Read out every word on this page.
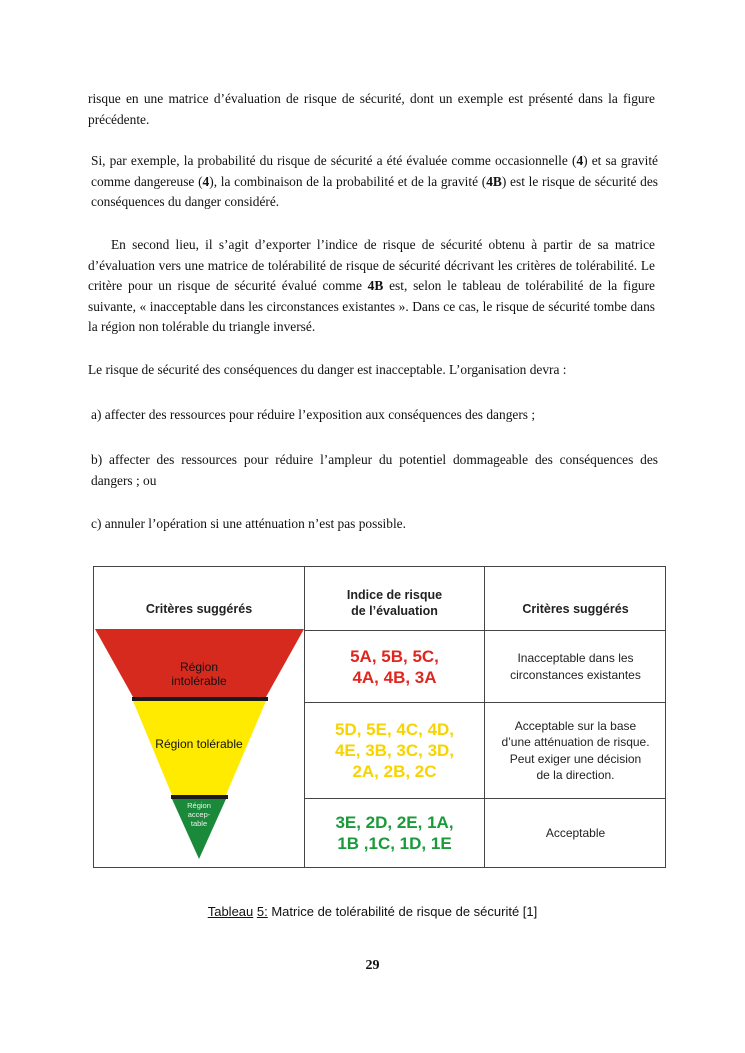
risque en une matrice d’évaluation de risque de sécurité, dont un exemple est présenté dans la figure précédente.

Si, par exemple, la probabilité du risque de sécurité a été évaluée comme occasionnelle (4) et sa gravité comme dangereuse (4), la combinaison de la probabilité et de la gravité (4B) est le risque de sécurité des conséquences du danger considéré.

En second lieu, il s’agit d’exporter l’indice de risque de sécurité obtenu à partir de sa matrice d’évaluation vers une matrice de tolérabilité de risque de sécurité décrivant les critères de tolérabilité. Le critère pour un risque de sécurité évalué comme 4B est, selon le tableau de tolérabilité de la figure suivante, « inacceptable dans les circonstances existantes ». Dans ce cas, le risque de sécurité tombe dans la région non tolérable du triangle inversé.

Le risque de sécurité des conséquences du danger est inacceptable. L’organisation devra :

a) affecter des ressources pour réduire l’exposition aux conséquences des dangers ;

b) affecter des ressources pour réduire l’ampleur du potentiel dommageable des conséquences des dangers ; ou

c) annuler l’opération si une atténuation n’est pas possible.

Critères suggérés
Indice de risque
de l’évaluation	Critères suggérés
Région intolérable
Région tolérable
Région
accep-
table
5A, 5B, 5C,
4A, 4B, 3A
Inacceptable dans les
circonstances existantes
5D, 5E, 4C, 4D,
4E, 3B, 3C, 3D,
2A, 2B, 2C
Acceptable sur la base
d’une atténuation de risque.
Peut exiger une décision
de la direction.
3E, 2D, 2E, 1A,
1B ,1C, 1D, 1E
Acceptable
Tableau 5: Matrice de tolérabilité de risque de sécurité [1]
29
